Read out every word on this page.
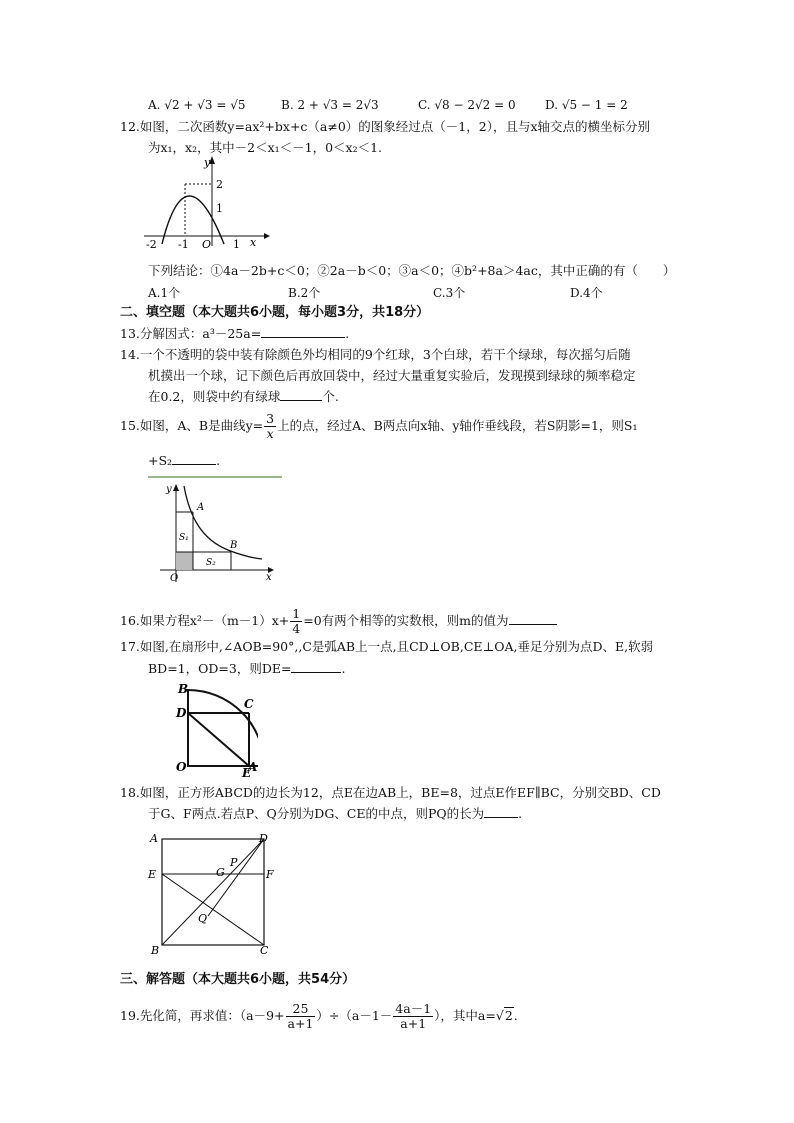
A. √2 + √3 = √5	B. 2 + √3 = 2√3	C. √8 − 2√2 = 0 D. √5 − 1 = 2
12.如图，二次函数y=ax²+bx+c（a≠0）的图象经过点（－1，2），且与x轴交点的横坐标分别
为x₁，x₂，其中－2＜x₁＜－1，0＜x₂＜1.
y
x
2
1
-2 -1 O 1
下列结论：①4a－2b+c＜0；②2a－b＜0；③a＜0；④b²+8a＞4ac，其中正确的有（　　）
A.1个	B.2个	C.3个	D.4个
二、填空题（本大题共6小题，每小题3分，共18分）
13.分解因式：a³－25a=	.
14.一个不透明的袋中装有除颜色外均相同的9个红球，3个白球，若干个绿球，每次摇匀后随
机摸出一个球，记下颜色后再放回袋中，经过大量重复实验后，发现摸到绿球的频率稳定
在0.2，则袋中约有绿球	个.
15.如图，A、B是曲线$y= \frac{3}{x}$ 上的点，经过A、B两点向x轴、y轴作垂线段，若S阴影=1，则S₁
+S₂	.
y
x
A
B
S₁
S₂
O
16.如果方程$x^2-(m-1)x+ \frac{1}{4} =0$有两个相等的实数根，则m的值为
17.如图,在扇形中,∠AOB=90°,,C是弧AB上一点,且CD⊥OB,CE⊥OA,垂足分别为点D、E,软弱
BD=1，OD=3，则DE=	.
B
C
D
O	E
A
18.如图，正方形ABCD的边长为12，点E在边AB上，BE=8，过点E作EF∥BC，分别交BD、CD
于G、F两点.若点P、Q分别为DG、CE的中点，则PQ的长为	.
A	D
E	F
G
P
Q
B	C
三、解答题（本大题共6小题，共54分）
19.先化简，再求值：$(a-9+ \frac{25}{a+1} )\div(a-1- \frac{4a-1}{a+1}$ ），其中a=√2.
